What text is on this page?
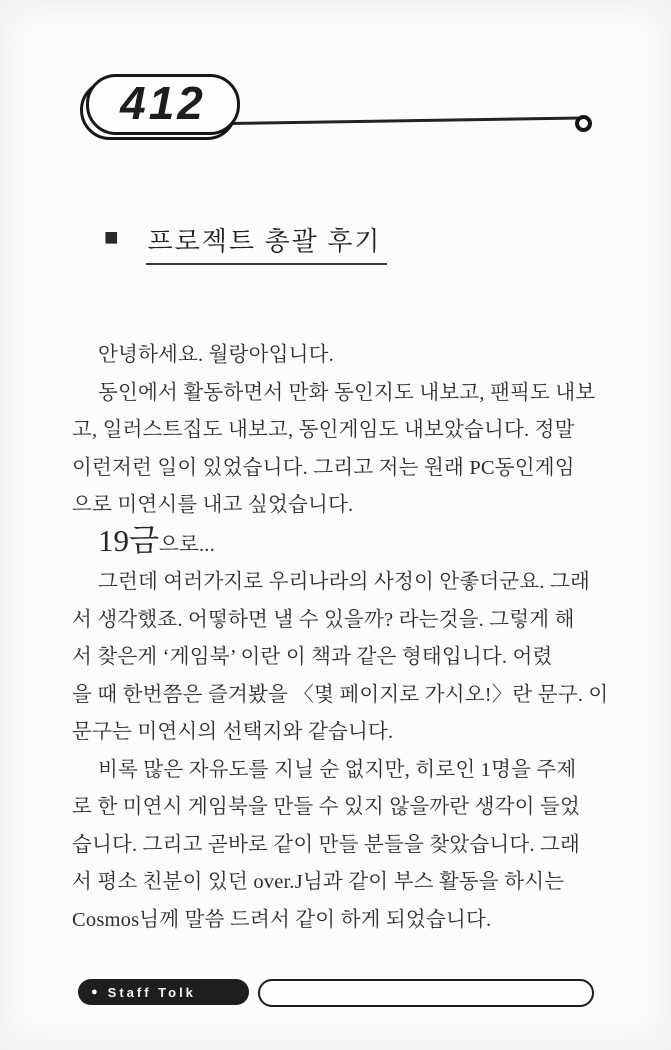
412
■ 프로젝트 총괄 후기
안녕하세요. 월랑아입니다.
동인에서 활동하면서 만화 동인지도 내보고, 팬픽도 내보
고, 일러스트집도 내보고, 동인게임도 내보았습니다. 정말
이런저런 일이 있었습니다. 그리고 저는 원래 PC동인게임
으로 미연시를 내고 싶었습니다.
19금으로...
그런데 여러가지로 우리나라의 사정이 안좋더군요. 그래
서 생각했죠. 어떻하면 낼 수 있을까? 라는것을. 그렇게 해
서 찾은게 ‘게임북’ 이란 이 책과 같은 형태입니다. 어렸
을 때 한번쯤은 즐겨봤을 〈몇 페이지로 가시오!〉란 문구. 이
문구는 미연시의 선택지와 같습니다.
비록 많은 자유도를 지닐 순 없지만, 히로인 1명을 주제
로 한 미연시 게임북을 만들 수 있지 않을까란 생각이 들었
습니다. 그리고 곧바로 같이 만들 분들을 찾았습니다. 그래
서 평소 친분이 있던 over.J님과 같이 부스 활동을 하시는
Cosmos님께 말씀 드려서 같이 하게 되었습니다.
● Staff Tolk
